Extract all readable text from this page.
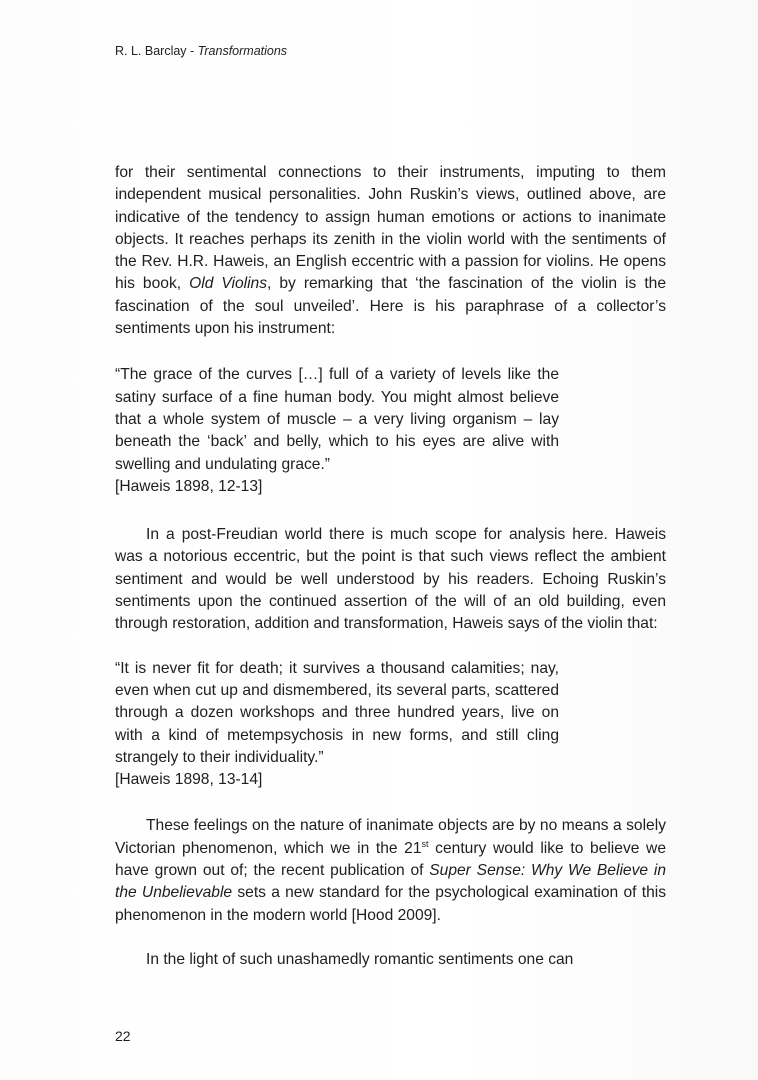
R. L. Barclay - Transformations

for their sentimental connections to their instruments, imputing to them independent musical personalities. John Ruskin’s views, outlined above, are indicative of the tendency to assign human emotions or actions to inanimate objects. It reaches perhaps its zenith in the violin world with the sentiments of the Rev. H.R. Haweis, an English eccentric with a passion for violins. He opens his book, Old Violins, by remarking that ‘the fascination of the violin is the fascination of the soul unveiled’. Here is his paraphrase of a collector’s sentiments upon his instrument:

“The grace of the curves […] full of a variety of levels like the satiny surface of a fine human body. You might almost believe that a whole system of muscle – a very living organism – lay beneath the ‘back’ and belly, which to his eyes are alive with swelling and undulating grace.”

[Haweis 1898, 12-13]

In a post-Freudian world there is much scope for analysis here. Haweis was a notorious eccentric, but the point is that such views reflect the ambient sentiment and would be well understood by his readers. Echoing Ruskin’s sentiments upon the continued assertion of the will of an old building, even through restoration, addition and transformation, Haweis says of the violin that:

“It is never fit for death; it survives a thousand calamities; nay, even when cut up and dismembered, its several parts, scattered through a dozen workshops and three hundred years, live on with a kind of metempsychosis in new forms, and still cling strangely to their individuality.”

[Haweis 1898, 13-14]

These feelings on the nature of inanimate objects are by no means a solely Victorian phenomenon, which we in the 21st century would like to believe we have grown out of; the recent publication of Super Sense: Why We Believe in the Unbelievable sets a new standard for the psychological examination of this phenomenon in the modern world [Hood 2009].

In the light of such unashamedly romantic sentiments one can

22
